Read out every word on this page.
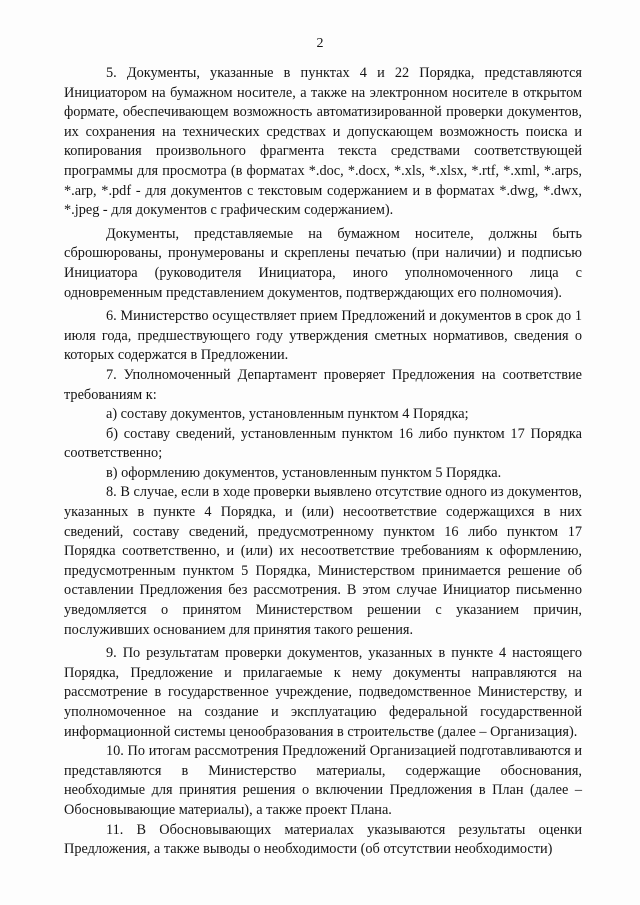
2

5. Документы, указанные в пунктах 4 и 22 Порядка, представляются Инициатором на бумажном носителе, а также на электронном носителе в открытом формате, обеспечивающем возможность автоматизированной проверки документов, их сохранения на технических средствах и допускающем возможность поиска и копирования произвольного фрагмента текста средствами соответствующей программы для просмотра (в форматах *.doc, *.docx, *.xls, *.xlsx, *.rtf, *.xml, *.arps, *.arp, *.pdf - для документов с текстовым содержанием и в форматах *.dwg, *.dwx, *.jpeg - для документов с графическим содержанием).

Документы, представляемые на бумажном носителе, должны быть сброшюрованы, пронумерованы и скреплены печатью (при наличии) и подписью Инициатора (руководителя Инициатора, иного уполномоченного лица с одновременным представлением документов, подтверждающих его полномочия).

6. Министерство осуществляет прием Предложений и документов в срок до 1 июля года, предшествующего году утверждения сметных нормативов, сведения о которых содержатся в Предложении.

7. Уполномоченный Департамент проверяет Предложения на соответствие требованиям к:

а) составу документов, установленным пунктом 4 Порядка;

б) составу сведений, установленным пунктом 16 либо пунктом 17 Порядка соответственно;

в) оформлению документов, установленным пунктом 5 Порядка.

8. В случае, если в ходе проверки выявлено отсутствие одного из документов, указанных в пункте 4 Порядка, и (или) несоответствие содержащихся в них сведений, составу сведений, предусмотренному пунктом 16 либо пунктом 17 Порядка соответственно, и (или) их несоответствие требованиям к оформлению, предусмотренным пунктом 5 Порядка, Министерством принимается решение об оставлении Предложения без рассмотрения. В этом случае Инициатор письменно уведомляется о принятом Министерством решении с указанием причин, послуживших основанием для принятия такого решения.

9. По результатам проверки документов, указанных в пункте 4 настоящего Порядка, Предложение и прилагаемые к нему документы направляются на рассмотрение в государственное учреждение, подведомственное Министерству, и уполномоченное на создание и эксплуатацию федеральной государственной информационной системы ценообразования в строительстве (далее – Организация).

10. По итогам рассмотрения Предложений Организацией подготавливаются и представляются в Министерство материалы, содержащие обоснования, необходимые для принятия решения о включении Предложения в План (далее – Обосновывающие материалы), а также проект Плана.

11. В Обосновывающих материалах указываются результаты оценки Предложения, а также выводы о необходимости (об отсутствии необходимости)
